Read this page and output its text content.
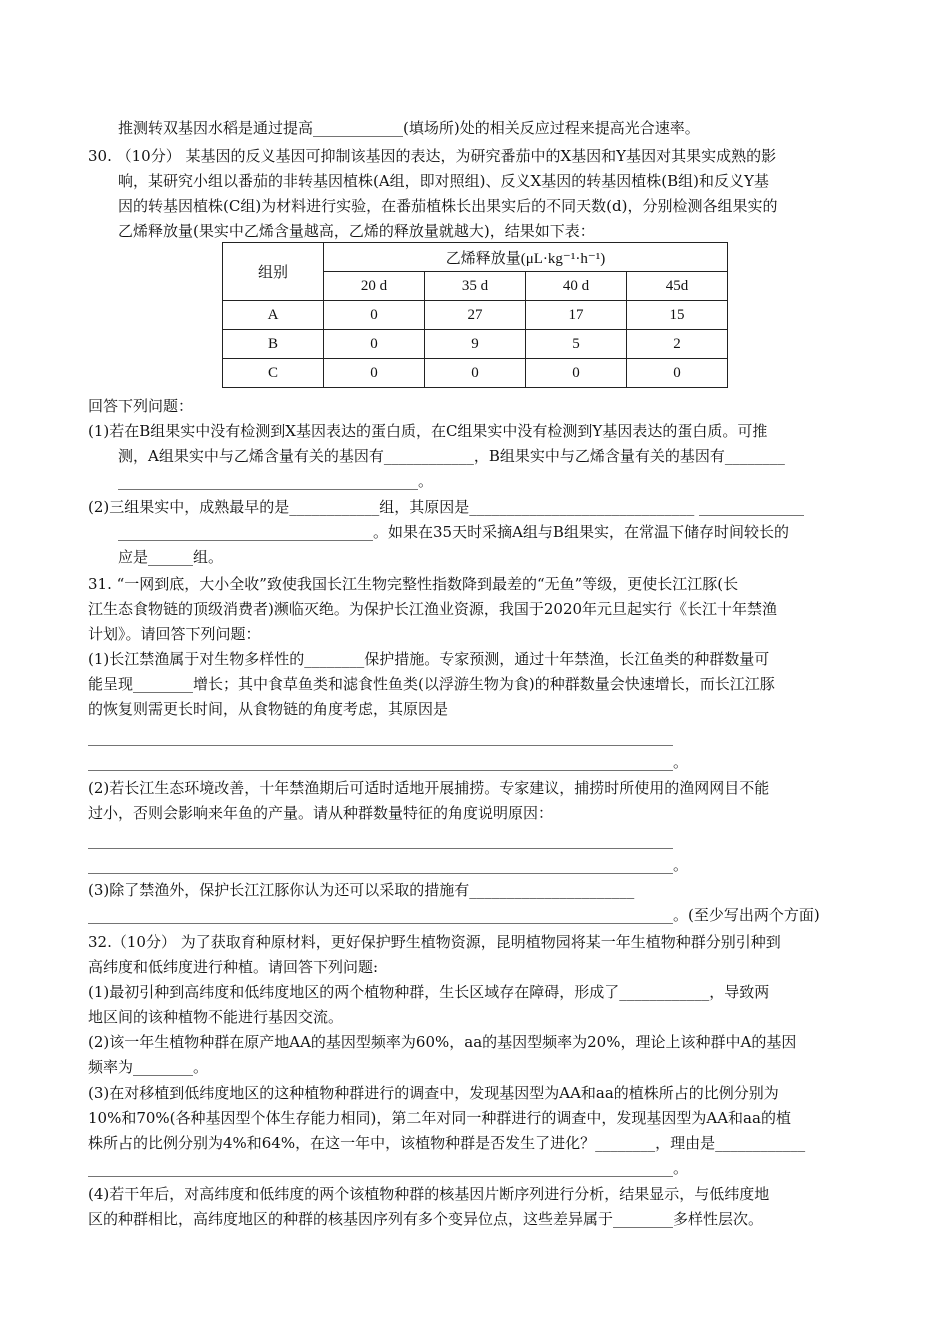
推测转双基因水稻是通过提高____________(填场所)处的相关反应过程来提高光合速率。
30. （10分） 某基因的反义基因可抑制该基因的表达，为研究番茄中的X基因和Y基因对其果实成熟的影
响，某研究小组以番茄的非转基因植株(A组，即对照组)、反义X基因的转基因植株(B组)和反义Y基
因的转基因植株(C组)为材料进行实验，在番茄植株长出果实后的不同天数(d)，分别检测各组果实的
乙烯释放量(果实中乙烯含量越高，乙烯的释放量就越大)，结果如下表：
组别	乙烯释放量(μL·kg⁻¹·h⁻¹)			
	20 d	35 d	40 d	45d
A	0	27	17	15
B	0	9	5	2
C	0	0	0	0
回答下列问题：
(1)若在B组果实中没有检测到X基因表达的蛋白质，在C组果实中没有检测到Y基因表达的蛋白质。可推
测，A组果实中与乙烯含量有关的基因有____________，B组果实中与乙烯含量有关的基因有________
________________________________________。
(2)三组果实中，成熟最早的是____________组，其原因是______________________________ ______________
__________________________________。如果在35天时采摘A组与B组果实，在常温下储存时间较长的
应是______组。
31. “一网到底，大小全收”致使我国长江生物完整性指数降到最差的“无鱼”等级，更使长江江豚(长
江生态食物链的顶级消费者)濒临灭绝。为保护长江渔业资源，我国于2020年元旦起实行《长江十年禁渔
计划》。请回答下列问题：
(1)长江禁渔属于对生物多样性的________保护措施。专家预测，通过十年禁渔，长江鱼类的种群数量可
能呈现________增长；其中食草鱼类和滤食性鱼类(以浮游生物为食)的种群数量会快速增长，而长江江豚
的恢复则需更长时间，从食物链的角度考虑，其原因是
______________________________________________________________________________
______________________________________________________________________________。
(2)若长江生态环境改善，十年禁渔期后可适时适地开展捕捞。专家建议，捕捞时所使用的渔网网目不能
过小，否则会影响来年鱼的产量。请从种群数量特征的角度说明原因：
______________________________________________________________________________
______________________________________________________________________________。
(3)除了禁渔外，保护长江江豚你认为还可以采取的措施有______________________
______________________________________________________________________________。(至少写出两个方面)
32.（10分） 为了获取育种原材料，更好保护野生植物资源，昆明植物园将某一年生植物种群分别引种到
高纬度和低纬度进行种植。请回答下列问题:
(1)最初引种到高纬度和低纬度地区的两个植物种群，生长区域存在障碍，形成了____________，导致两
地区间的该种植物不能进行基因交流。
(2)该一年生植物种群在原产地AA的基因型频率为60%，aa的基因型频率为20%，理论上该种群中A的基因
频率为________。
(3)在对移植到低纬度地区的这种植物种群进行的调查中，发现基因型为AA和aa的植株所占的比例分别为
10%和70%(各种基因型个体生存能力相同)，第二年对同一种群进行的调查中，发现基因型为AA和aa的植
株所占的比例分别为4%和64%，在这一年中，该植物种群是否发生了进化？________，理由是____________
______________________________________________________________________________。
(4)若干年后，对高纬度和低纬度的两个该植物种群的核基因片断序列进行分析，结果显示，与低纬度地
区的种群相比，高纬度地区的种群的核基因序列有多个变异位点，这些差异属于________多样性层次。
